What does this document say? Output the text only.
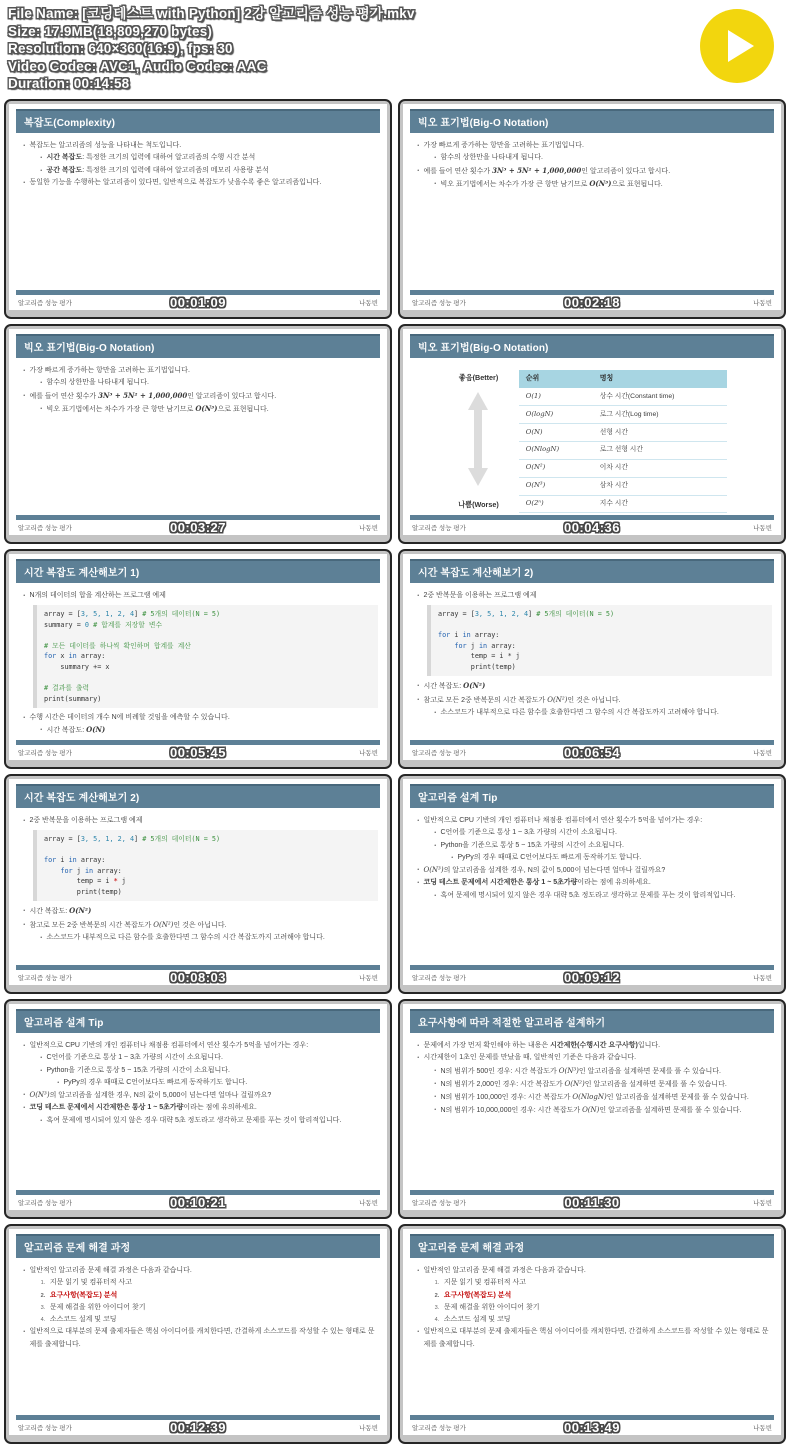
File Name: [코딩테스트 with Python] 2강 알고리즘 성능 평가.mkv
Size: 17.9MB(18,809,270 bytes)
Resolution: 640×360(16:9), fps: 30
Video Codec: AVC1, Audio Codec: AAC
Duration: 00:14:58
복잡도(Complexity)
• 복잡도는 알고리즘의 성능을 나타내는 척도입니다.
• 시간 복잡도: 특정한 크기의 입력에 대하여 알고리즘의 수행 시간 분석
• 공간 복잡도: 특정한 크기의 입력에 대하여 알고리즘의 메모리 사용량 분석
• 동일한 기능을 수행하는 알고리즘이 있다면, 일반적으로 복잡도가 낮을수록 좋은 알고리즘입니다.
알고리즘 성능 평가	나동빈
00:01:09
빅오 표기법(Big-O Notation)
• 가장 빠르게 증가하는 항만을 고려하는 표기법입니다.
• 함수의 상한만을 나타내게 됩니다.
• 예를 들어 연산 횟수가 3N³ + 5N² + 1,000,000인 알고리즘이 있다고 합시다.
• 빅오 표기법에서는 차수가 가장 큰 항만 남기므로 O(N³)으로 표현됩니다.
알고리즘 성능 평가	나동빈
00:02:18
빅오 표기법(Big-O Notation)
• 가장 빠르게 증가하는 항만을 고려하는 표기법입니다.
• 함수의 상한만을 나타내게 됩니다.
• 예를 들어 연산 횟수가 3N³ + 5N² + 1,000,000인 알고리즘이 있다고 합시다.
• 빅오 표기법에서는 차수가 가장 큰 항만 남기므로 O(N³)으로 표현됩니다.
알고리즘 성능 평가	나동빈
00:03:27
빅오 표기법(Big-O Notation)
좋음(Better)
나쁨(Worse)
순위	명칭
O(1)	상수 시간(Constant time)
O(logN)	로그 시간(Log time)
O(N)	선형 시간
O(NlogN)	로그 선형 시간
O(N²)	이차 시간
O(N³)	삼차 시간
O(2ⁿ)	지수 시간
알고리즘 성능 평가	나동빈
00:04:36
시간 복잡도 계산해보기 1)
• N개의 데이터의 합을 계산하는 프로그램 예제
array = [3, 5, 1, 2, 4] # 5개의 데이터(N = 5)
summary = 0 # 합계를 저장할 변수

# 모든 데이터를 하나씩 확인하며 합계를 계산
for x in array:
summary += x

# 결과를 출력
print(summary)
• 수행 시간은 데이터의 개수 N에 비례할 것임을 예측할 수 있습니다.
• 시간 복잡도: O(N)
알고리즘 성능 평가	나동빈
00:05:45
시간 복잡도 계산해보기 2)
• 2중 반복문을 이용하는 프로그램 예제
array = [3, 5, 1, 2, 4] # 5개의 데이터(N = 5)

for i in array:
for j in array:
temp = i * j
print(temp)
• 시간 복잡도: O(N²)
• 참고로 모든 2중 반복문의 시간 복잡도가 O(N²)인 것은 아닙니다.
• 소스코드가 내부적으로 다른 함수를 호출한다면 그 함수의 시간 복잡도까지 고려해야 합니다.
알고리즘 성능 평가	나동빈
00:06:54
시간 복잡도 계산해보기 2)
• 2중 반복문을 이용하는 프로그램 예제
array = [3, 5, 1, 2, 4] # 5개의 데이터(N = 5)

for i in array:
for j in array:
temp = i * j
print(temp)
• 시간 복잡도: O(N²)
• 참고로 모든 2중 반복문의 시간 복잡도가 O(N²)인 것은 아닙니다.
• 소스코드가 내부적으로 다른 함수를 호출한다면 그 함수의 시간 복잡도까지 고려해야 합니다.
알고리즘 성능 평가	나동빈
00:08:03
알고리즘 설계 Tip
• 일반적으로 CPU 기반의 개인 컴퓨터나 채점용 컴퓨터에서 연산 횟수가 5억을 넘어가는 경우:
• C언어를 기준으로 통상 1 ~ 3초 가량의 시간이 소요됩니다.
• Python을 기준으로 통상 5 ~ 15초 가량의 시간이 소요됩니다.
• PyPy의 경우 때때로 C언어보다도 빠르게 동작하기도 합니다.
• O(N³)의 알고리즘을 설계한 경우, N의 값이 5,000이 넘는다면 얼마나 걸릴까요?
• 코딩 테스트 문제에서 시간제한은 통상 1 ~ 5초가량이라는 점에 유의하세요.
• 혹여 문제에 명시되어 있지 않은 경우 대략 5초 정도라고 생각하고 문제를 푸는 것이 합리적입니다.
알고리즘 성능 평가	나동빈
00:09:12
알고리즘 설계 Tip
• 일반적으로 CPU 기반의 개인 컴퓨터나 채점용 컴퓨터에서 연산 횟수가 5억을 넘어가는 경우:
• C언어를 기준으로 통상 1 ~ 3초 가량의 시간이 소요됩니다.
• Python을 기준으로 통상 5 ~ 15초 가량의 시간이 소요됩니다.
• PyPy의 경우 때때로 C언어보다도 빠르게 동작하기도 합니다.
• O(N³)의 알고리즘을 설계한 경우, N의 값이 5,000이 넘는다면 얼마나 걸릴까요?
• 코딩 테스트 문제에서 시간제한은 통상 1 ~ 5초가량이라는 점에 유의하세요.
• 혹여 문제에 명시되어 있지 않은 경우 대략 5초 정도라고 생각하고 문제를 푸는 것이 합리적입니다.
알고리즘 성능 평가	나동빈
00:10:21
요구사항에 따라 적절한 알고리즘 설계하기
• 문제에서 가장 먼저 확인해야 하는 내용은 시간제한(수행시간 요구사항)입니다.
• 시간제한이 1초인 문제를 만났을 때, 일반적인 기준은 다음과 같습니다.
• N의 범위가 500인 경우: 시간 복잡도가 O(N³)인 알고리즘을 설계하면 문제를 풀 수 있습니다.
• N의 범위가 2,000인 경우: 시간 복잡도가 O(N²)인 알고리즘을 설계하면 문제를 풀 수 있습니다.
• N의 범위가 100,000인 경우: 시간 복잡도가 O(NlogN)인 알고리즘을 설계하면 문제를 풀 수 있습니다.
• N의 범위가 10,000,000인 경우: 시간 복잡도가 O(N)인 알고리즘을 설계하면 문제를 풀 수 있습니다.
알고리즘 성능 평가	나동빈
00:11:30
알고리즘 문제 해결 과정
• 일반적인 알고리즘 문제 해결 과정은 다음과 같습니다.
1. 지문 읽기 및 컴퓨터적 사고
2. 요구사항(복잡도) 분석
3. 문제 해결을 위한 아이디어 찾기
4. 소스코드 설계 및 코딩
• 일반적으로 대부분의 문제 출제자들은 핵심 아이디어를 캐치한다면, 간결하게 소스코드를 작성할 수 있는 형태로 문제를 출제합니다.
알고리즘 성능 평가	나동빈
00:12:39
알고리즘 문제 해결 과정
• 일반적인 알고리즘 문제 해결 과정은 다음과 같습니다.
1. 지문 읽기 및 컴퓨터적 사고
2. 요구사항(복잡도) 분석
3. 문제 해결을 위한 아이디어 찾기
4. 소스코드 설계 및 코딩
• 일반적으로 대부분의 문제 출제자들은 핵심 아이디어를 캐치한다면, 간결하게 소스코드를 작성할 수 있는 형태로 문제를 출제합니다.
알고리즘 성능 평가	나동빈
00:13:49
